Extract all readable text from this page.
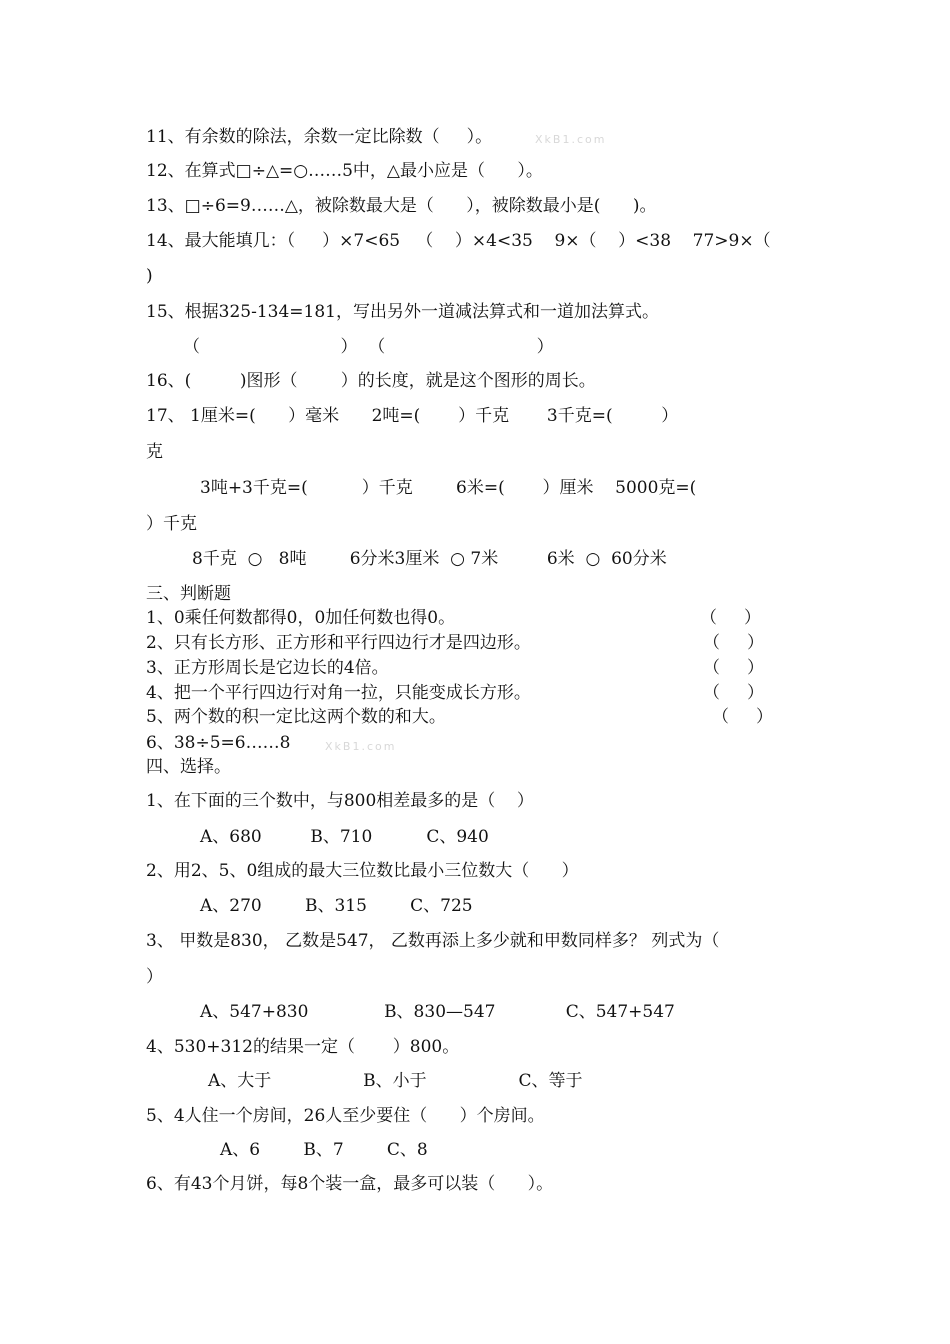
11、有余数的除法，余数一定比除数（     ）。	XkB1.com
12、在算式□÷△=○……5中，△最小应是（      ）。
13、□÷6=9……△，被除数最大是（      ），被除数最小是(      )。
14、最大能填几：（     ）×7<65   （    ）×4<35    9×（    ）<38    77>9×（
)
15、根据325-134=181，写出另外一道减法算式和一道加法算式。
（                          ）  （                            ）
16、(         )图形（        ）的长度，就是这个图形的周长。
17、 1厘米=(      ）毫米      2吨=(       ）千克       3千克=(         ）
克
3吨+3千克=(          ）千克        6米=(       ）厘米    5000克=(
）千克
8千克  ○   8吨        6分米3厘米  ○ 7米         6米  ○  60分米
三、判断题
1、0乘任何数都得0，0加任何数也得0。	（     ）
2、只有长方形、正方形和平行四边行才是四边形。	（     ）
3、正方形周长是它边长的4倍。	（     ）
4、把一个平行四边行对角一拉，只能变成长方形。	（     ）
5、两个数的积一定比这两个数的和大。	（     ）
6、38÷5=6……8	XkB1.com
四、选择。
1、在下面的三个数中，与800相差最多的是（    ）
A、680         B、710          C、940
2、用2、5、0组成的最大三位数比最小三位数大（      ）
A、270        B、315        C、725
3、 甲数是830， 乙数是547， 乙数再添上多少就和甲数同样多？ 列式为（
）
A、547+830              B、830—547             C、547+547
4、530+312的结果一定（       ）800。
A、大于                 B、小于                 C、等于
5、4人住一个房间，26人至少要住（      ）个房间。
A、6        B、7        C、8
6、有43个月饼，每8个装一盒，最多可以装（      ）。
